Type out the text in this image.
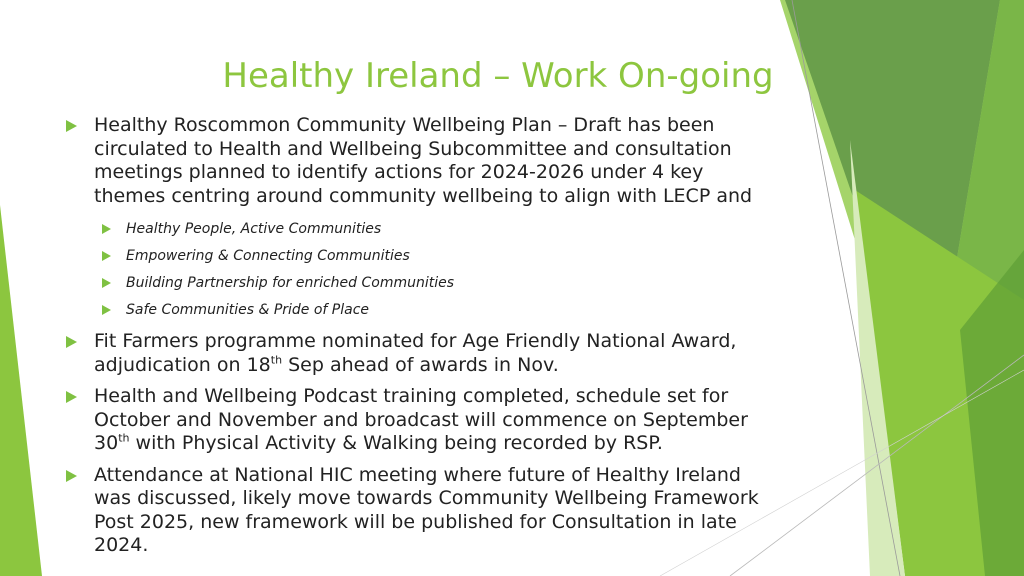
Healthy Ireland – Work On-going
Healthy Roscommon Community Wellbeing Plan – Draft has been circulated to Health and Wellbeing Subcommittee and consultation meetings planned to identify actions for 2024-2026 under 4 key themes centring around community wellbeing to align with LECP and
Healthy People, Active Communities
Empowering & Connecting Communities
Building Partnership for enriched Communities
Safe Communities & Pride of Place
Fit Farmers programme nominated for Age Friendly National Award, adjudication on 18th Sep ahead of awards in Nov.
Health and Wellbeing Podcast training completed, schedule set for October and November and broadcast will commence on September 30th with Physical Activity & Walking being recorded by RSP.
Attendance at National HIC meeting where future of Healthy Ireland was discussed, likely move towards Community Wellbeing Framework Post 2025, new framework will be published for Consultation in late 2024.
